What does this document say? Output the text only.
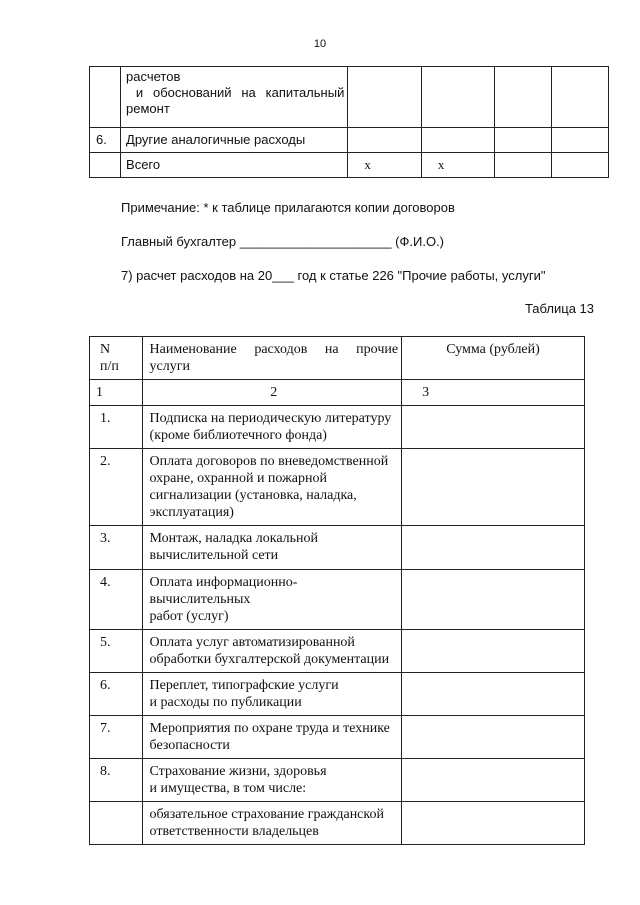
10

	расчетов
и обоснований на капитальный
ремонт				

6.	Другие аналогичные расходы				
	Всего	x	x		
Примечание: * к таблице прилагаются копии договоров
Главный бухгалтер _____________________ (Ф.И.О.)
7) расчет расходов на 20___ год к статье 226 "Прочие работы, услуги"
Таблица 13
N
п/п	Наименование расходов на прочие услуги	Сумма (рублей)
1	2	3
1.	Подписка на периодическую литературу
(кроме библиотечного фонда)	
2.	Оплата договоров по вневедомственной
охране, охранной и пожарной
сигнализации (установка, наладка,
эксплуатация)	
3.	Монтаж, наладка локальной
вычислительной сети	
4.	Оплата информационно-
вычислительных
работ (услуг)	
5.	Оплата услуг автоматизированной
обработки бухгалтерской документации	
6.	Переплет, типографские услуги
и расходы по публикации	
7.	Мероприятия по охране труда и технике
безопасности	
8.	Страхование жизни, здоровья
и имущества, в том числе:	
	обязательное страхование гражданской
ответственности владельцев	
